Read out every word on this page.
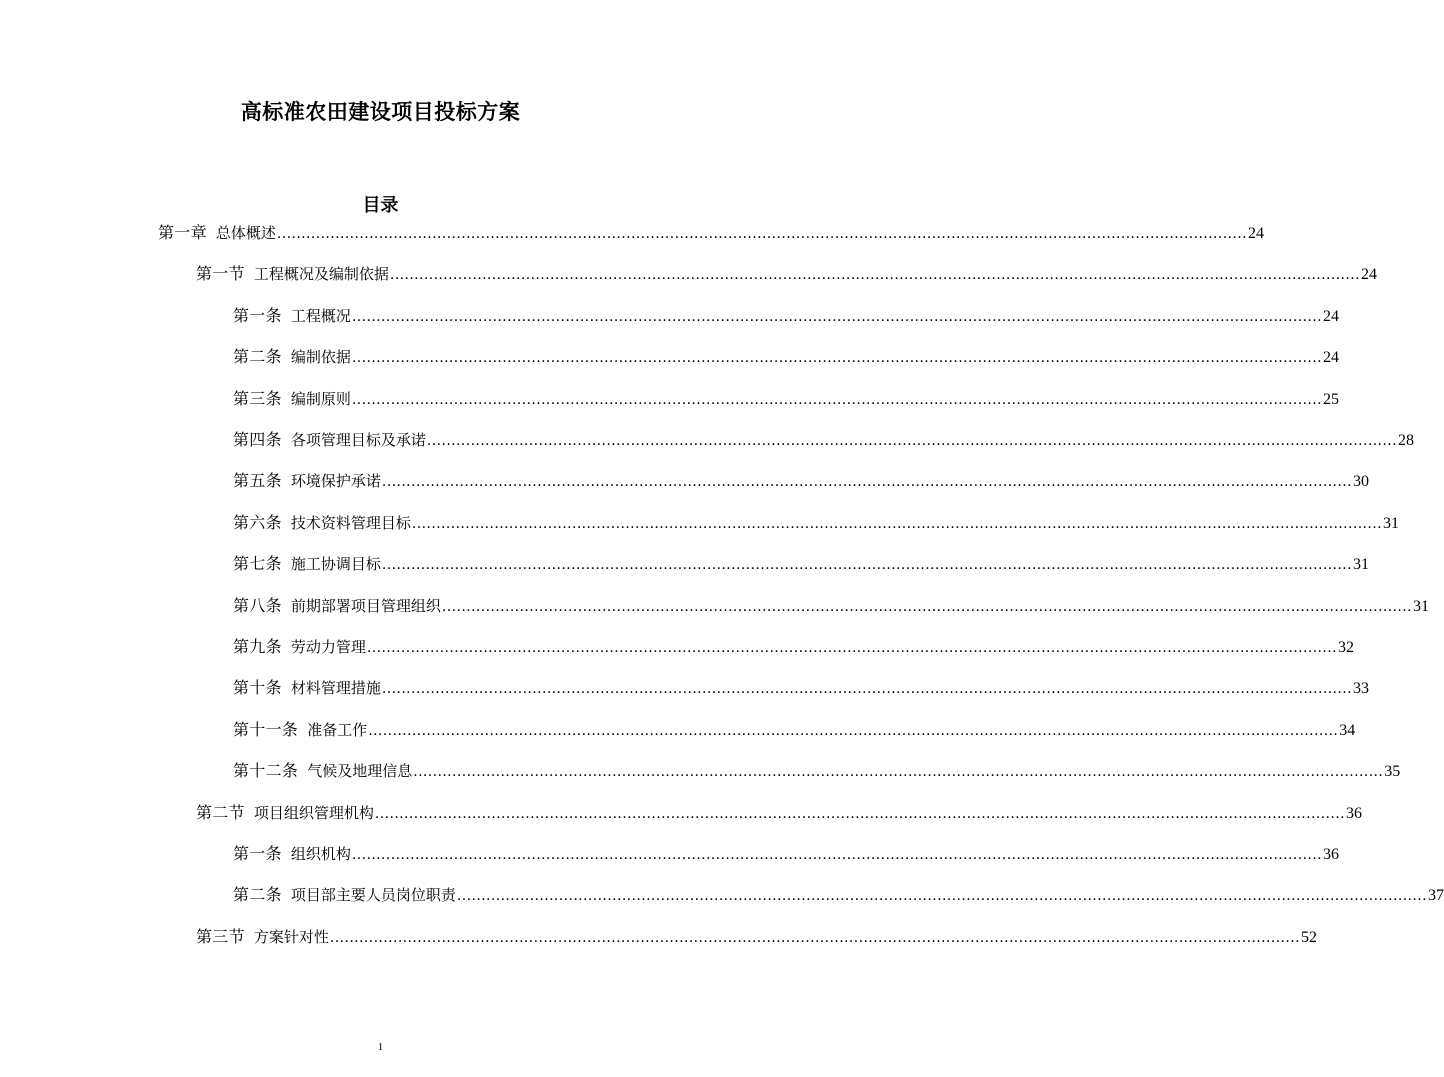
高标准农田建设项目投标方案
目录
第一章 总体概述 ........................................................................................................................................................................................................ 24
第一节 工程概况及编制依据 ........................................................................................................................................................................................................ 24
第一条 工程概况 ........................................................................................................................................................................................................ 24
第二条 编制依据 ........................................................................................................................................................................................................ 24
第三条 编制原则 ........................................................................................................................................................................................................ 25
第四条 各项管理目标及承诺 ........................................................................................................................................................................................................ 28
第五条 环境保护承诺 ........................................................................................................................................................................................................ 30
第六条 技术资料管理目标 ........................................................................................................................................................................................................ 31
第七条 施工协调目标 ........................................................................................................................................................................................................ 31
第八条 前期部署项目管理组织 ........................................................................................................................................................................................................ 31
第九条 劳动力管理 ........................................................................................................................................................................................................ 32
第十条 材料管理措施 ........................................................................................................................................................................................................ 33
第十一条 准备工作 ........................................................................................................................................................................................................ 34
第十二条 气候及地理信息 ........................................................................................................................................................................................................ 35
第二节 项目组织管理机构 ........................................................................................................................................................................................................ 36
第一条 组织机构 ........................................................................................................................................................................................................ 36
第二条 项目部主要人员岗位职责 ........................................................................................................................................................................................................ 37
第三节 方案针对性 ........................................................................................................................................................................................................ 52
1
